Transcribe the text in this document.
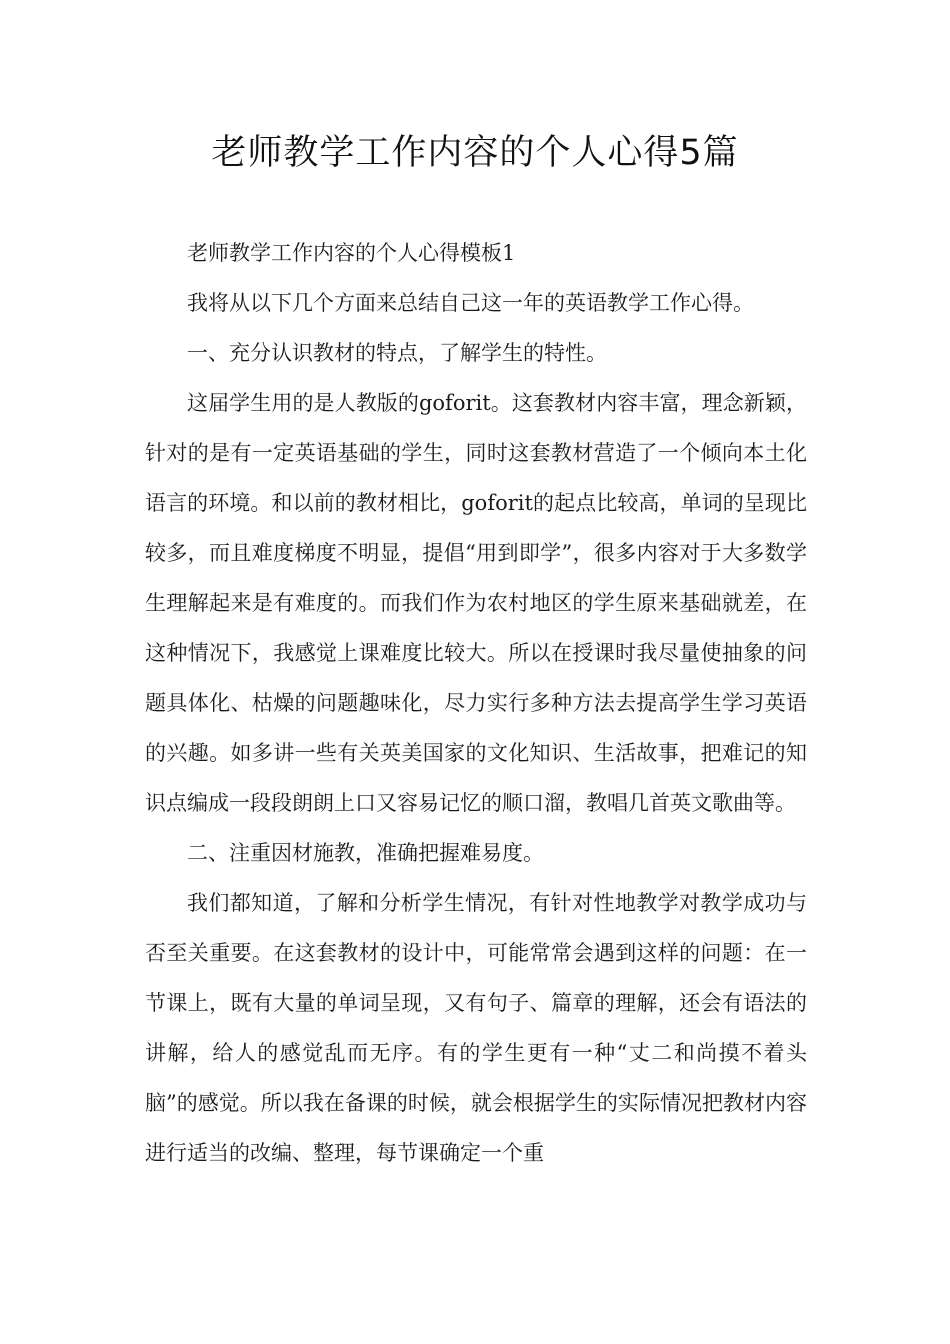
老师教学工作内容的个人心得5篇

老师教学工作内容的个人心得模板1

我将从以下几个方面来总结自己这一年的英语教学工作心得。

一、充分认识教材的特点，了解学生的特性。

这届学生用的是人教版的goforit。这套教材内容丰富，理念新颖，针对的是有一定英语基础的学生，同时这套教材营造了一个倾向本土化语言的环境。和以前的教材相比，goforit的起点比较高，单词的呈现比较多，而且难度梯度不明显，提倡“用到即学”，很多内容对于大多数学生理解起来是有难度的。而我们作为农村地区的学生原来基础就差，在这种情况下，我感觉上课难度比较大。所以在授课时我尽量使抽象的问题具体化、枯燥的问题趣味化，尽力实行多种方法去提高学生学习英语的兴趣。如多讲一些有关英美国家的文化知识、生活故事，把难记的知识点编成一段段朗朗上口又容易记忆的顺口溜，教唱几首英文歌曲等。

二、注重因材施教，准确把握难易度。

我们都知道，了解和分析学生情况，有针对性地教学对教学成功与否至关重要。在这套教材的设计中，可能常常会遇到这样的问题：在一节课上，既有大量的单词呈现，又有句子、篇章的理解，还会有语法的讲解，给人的感觉乱而无序。有的学生更有一种“丈二和尚摸不着头脑”的感觉。所以我在备课的时候，就会根据学生的实际情况把教材内容进行适当的改编、整理，每节课确定一个重
